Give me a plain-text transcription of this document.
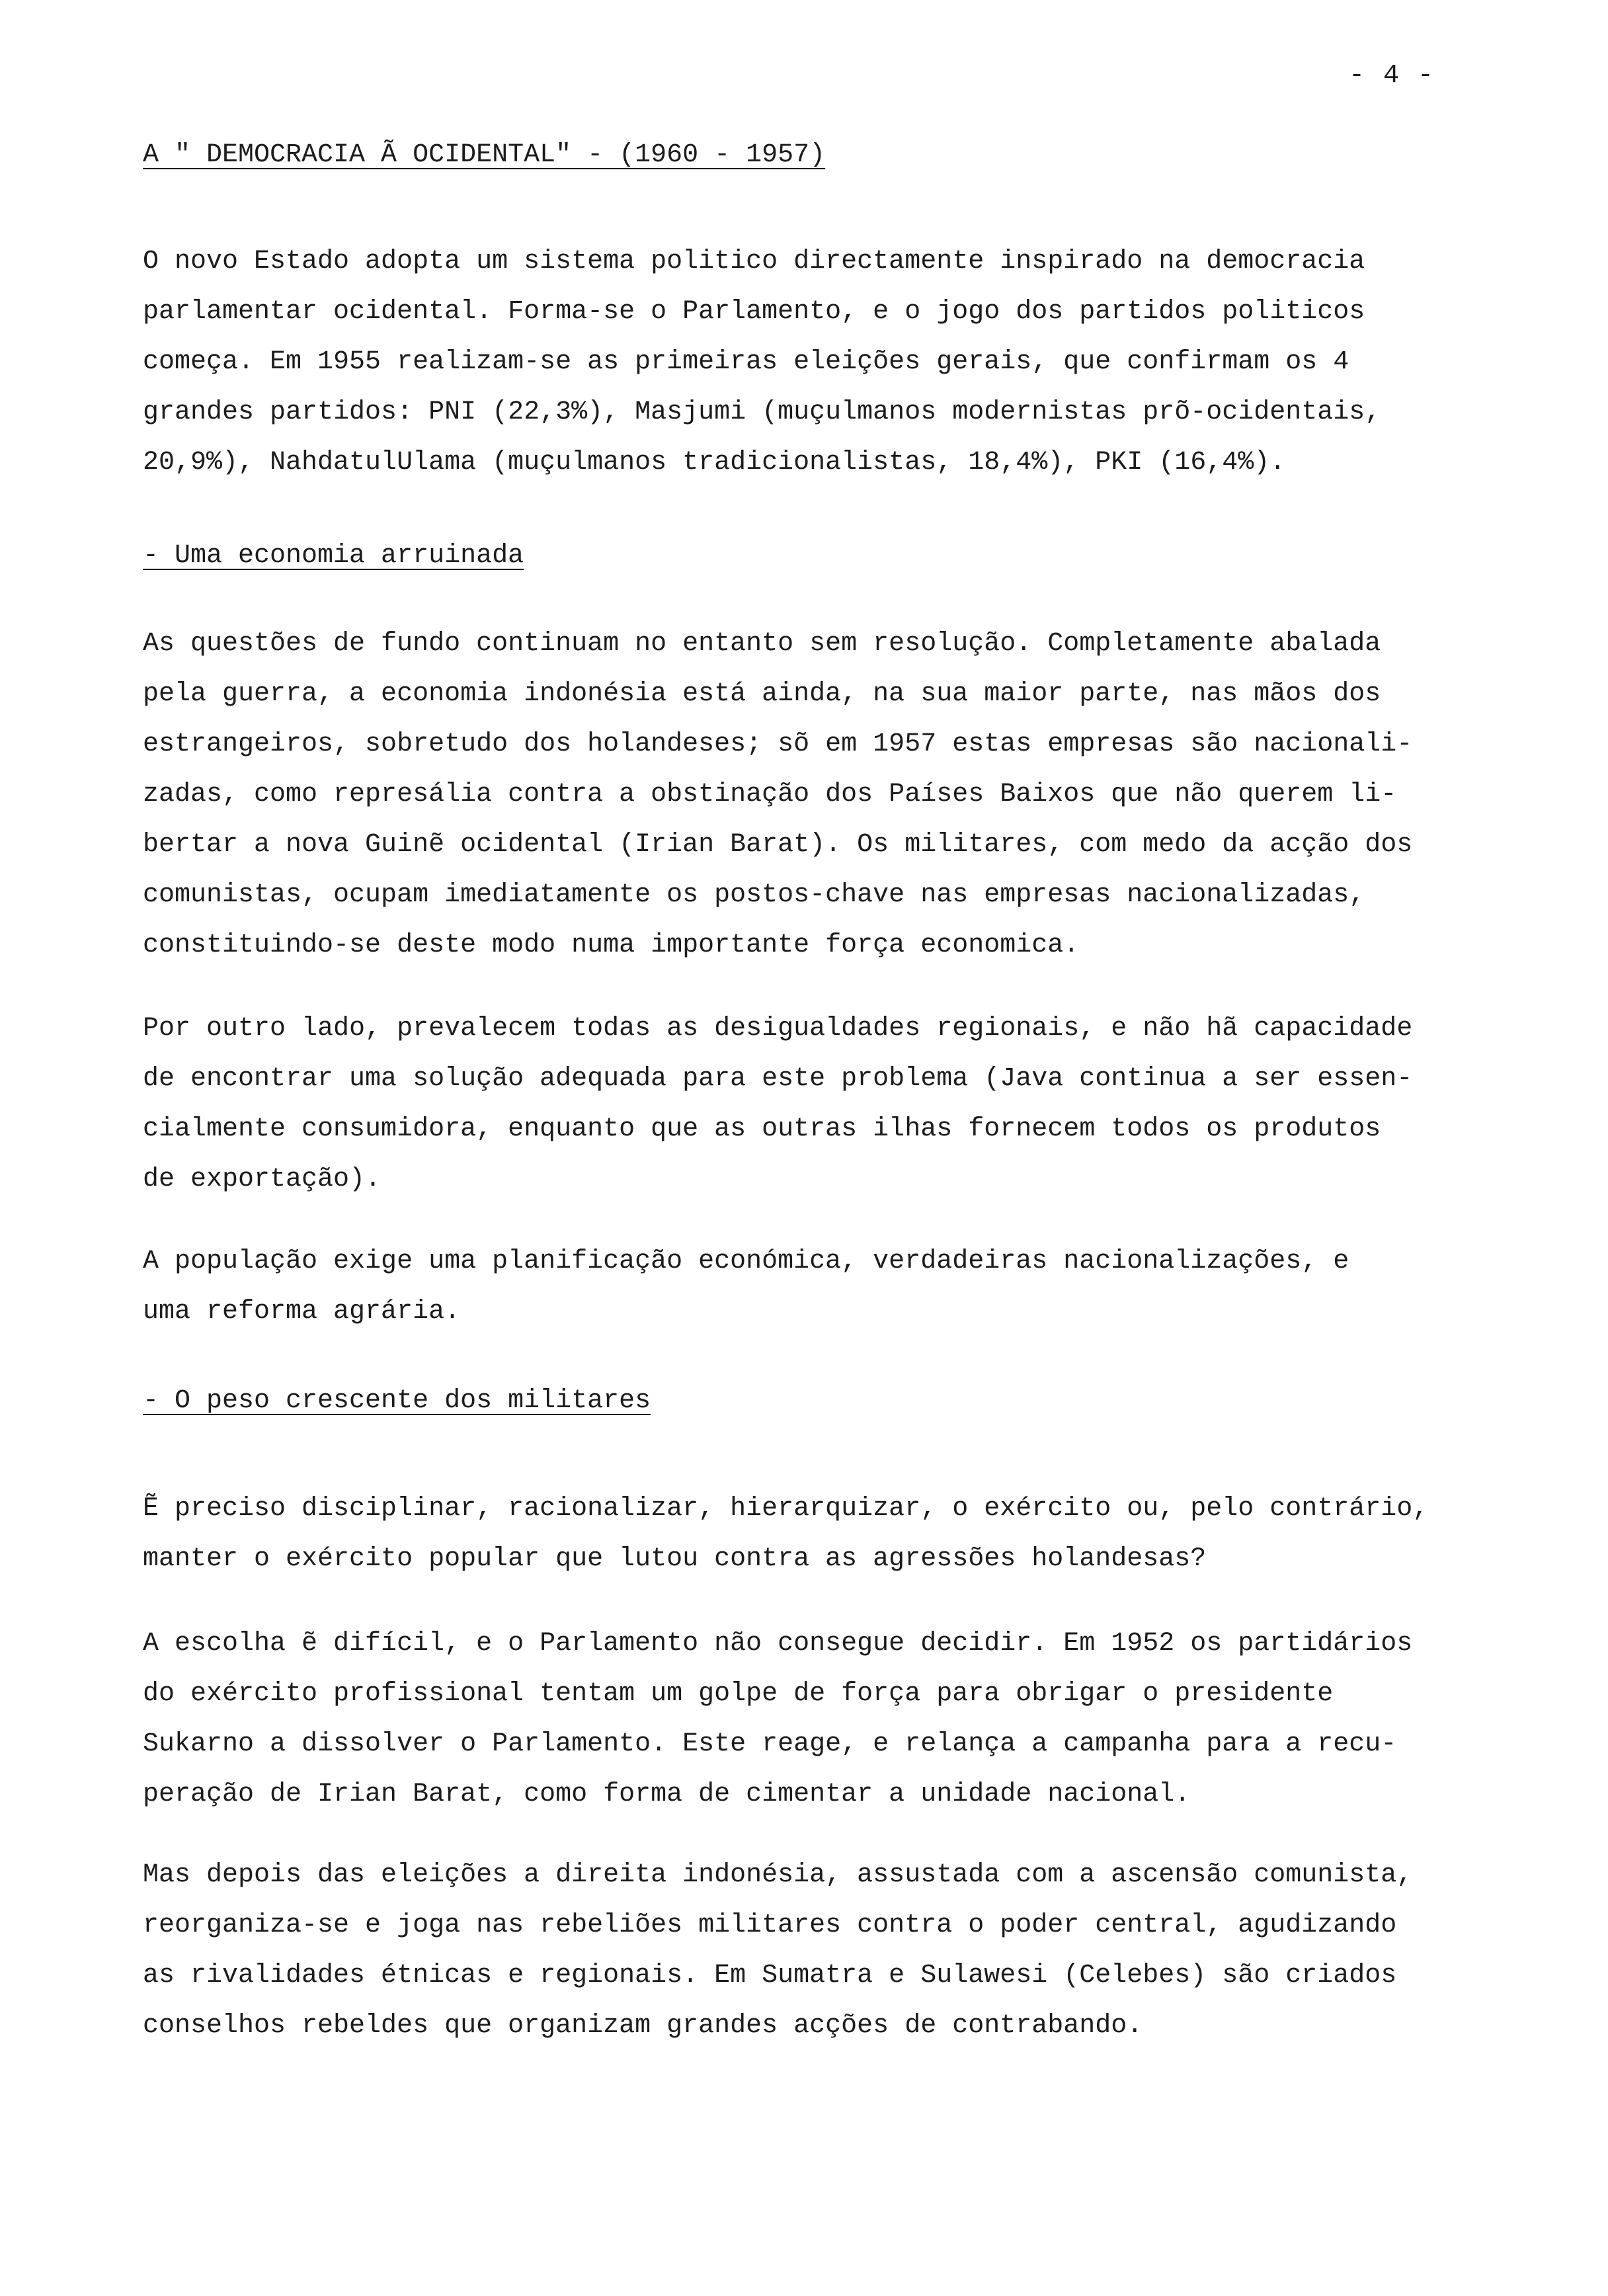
- 4 -
A " DEMOCRACIA Ã OCIDENTAL" - (1960 - 1957)

O novo Estado adopta um sistema politico directamente inspirado na democracia
parlamentar ocidental. Forma-se o Parlamento, e o jogo dos partidos politicos
começa. Em 1955 realizam-se as primeiras eleições gerais, que confirmam os 4
grandes partidos: PNI (22,3%), Masjumi (muçulmanos modernistas prõ-ocidentais,
20,9%), NahdatulUlama (muçulmanos tradicionalistas, 18,4%), PKI (16,4%).

- Uma economia arruinada

As questões de fundo continuam no entanto sem resolução. Completamente abalada
pela guerra, a economia indonésia está ainda, na sua maior parte, nas mãos dos
estrangeiros, sobretudo dos holandeses; sõ em 1957 estas empresas são nacionali-
zadas, como represália contra a obstinação dos Países Baixos que não querem li-
bertar a nova Guinẽ ocidental (Irian Barat). Os militares, com medo da acção dos
comunistas, ocupam imediatamente os postos-chave nas empresas nacionalizadas,
constituindo-se deste modo numa importante força economica.

Por outro lado, prevalecem todas as desigualdades regionais, e não hã capacidade
de encontrar uma solução adequada para este problema (Java continua a ser essen-
cialmente consumidora, enquanto que as outras ilhas fornecem todos os produtos
de exportação).

A população exige uma planificação económica, verdadeiras nacionalizações, e
uma reforma agrária.

- O peso crescente dos militares

Ẽ preciso disciplinar, racionalizar, hierarquizar, o exército ou, pelo contrário,
manter o exército popular que lutou contra as agressões holandesas?

A escolha ẽ difícil, e o Parlamento não consegue decidir. Em 1952 os partidários
do exército profissional tentam um golpe de força para obrigar o presidente
Sukarno a dissolver o Parlamento. Este reage, e relança a campanha para a recu-
peração de Irian Barat, como forma de cimentar a unidade nacional.

Mas depois das eleições a direita indonésia, assustada com a ascensão comunista,
reorganiza-se e joga nas rebeliões militares contra o poder central, agudizando
as rivalidades étnicas e regionais. Em Sumatra e Sulawesi (Celebes) são criados
conselhos rebeldes que organizam grandes acções de contrabando.
